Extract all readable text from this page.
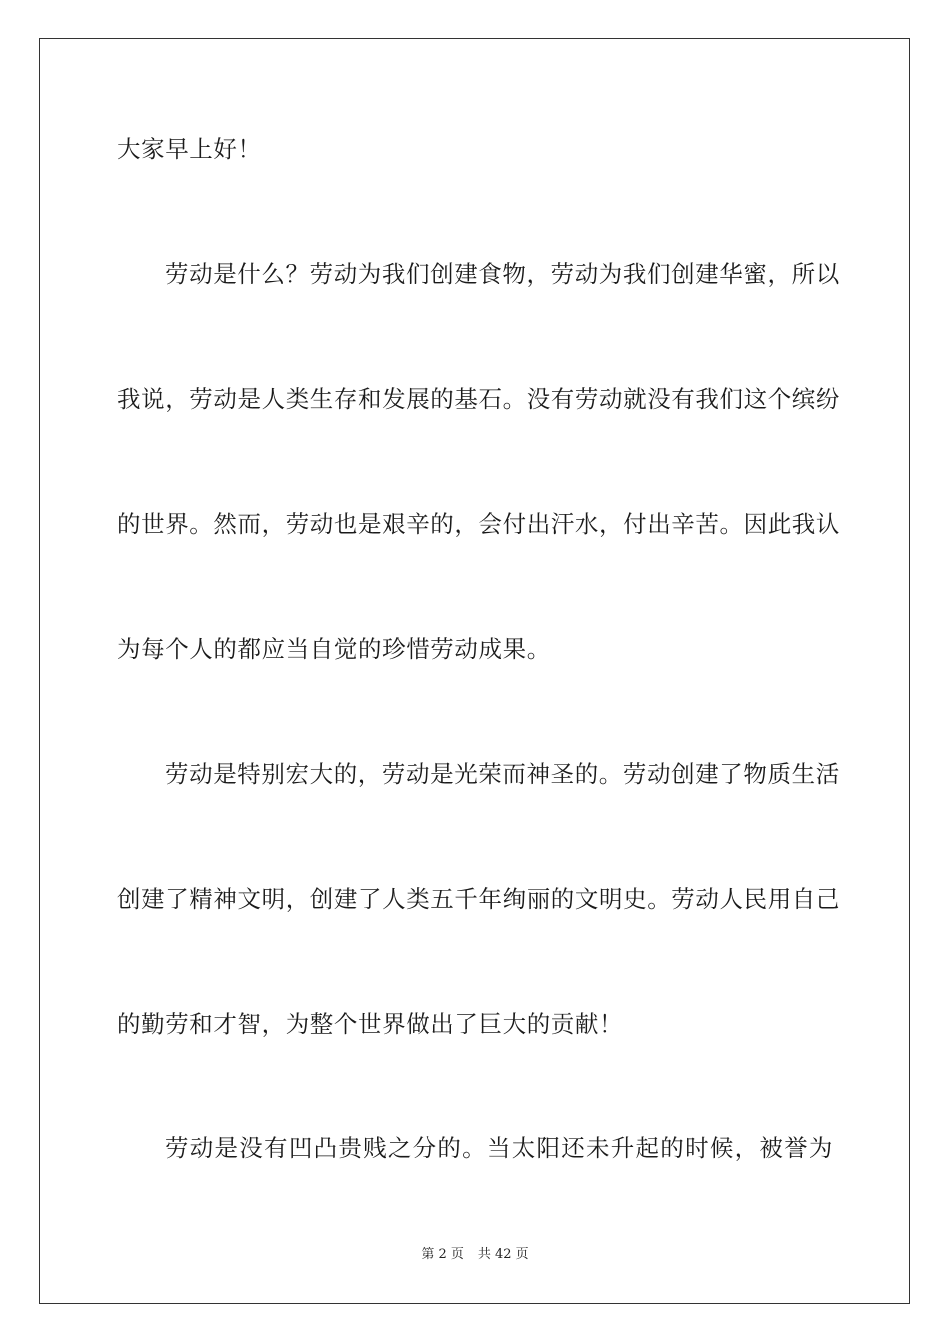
大家早上好！
劳动是什么？劳动为我们创建食物，劳动为我们创建华蜜，所以
我说，劳动是人类生存和发展的基石。没有劳动就没有我们这个缤纷
的世界。然而，劳动也是艰辛的，会付出汗水，付出辛苦。因此我认
为每个人的都应当自觉的珍惜劳动成果。
劳动是特别宏大的，劳动是光荣而神圣的。劳动创建了物质生活
创建了精神文明，创建了人类五千年绚丽的文明史。劳动人民用自己
的勤劳和才智，为整个世界做出了巨大的贡献！
劳动是没有凹凸贵贱之分的。当太阳还未升起的时候，被誉为
第 2 页 共 42 页
